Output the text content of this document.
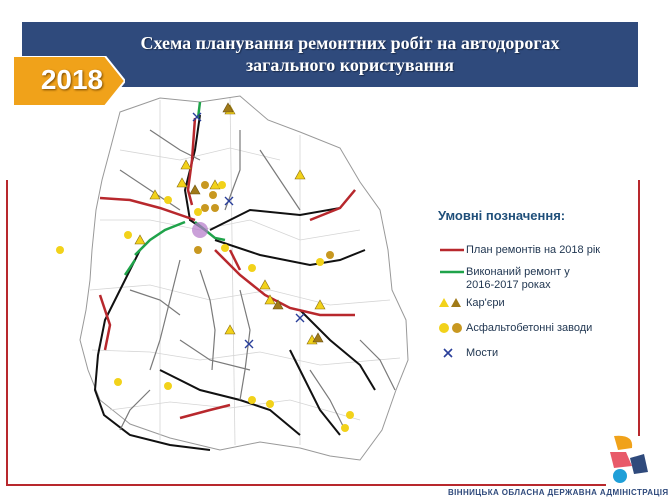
Схема планування ремонтних робіт на автодорогах
загального користування
2018
Умовні позначення:
План ремонтів на 2018 рік
Виконаний ремонт у
2016-2017 роках
Кар'єри
Асфальтобетонні заводи
Мости
ВІННИЦЬКА ОБЛАСНА ДЕРЖАВНА АДМІНІСТРАЦІЯ
